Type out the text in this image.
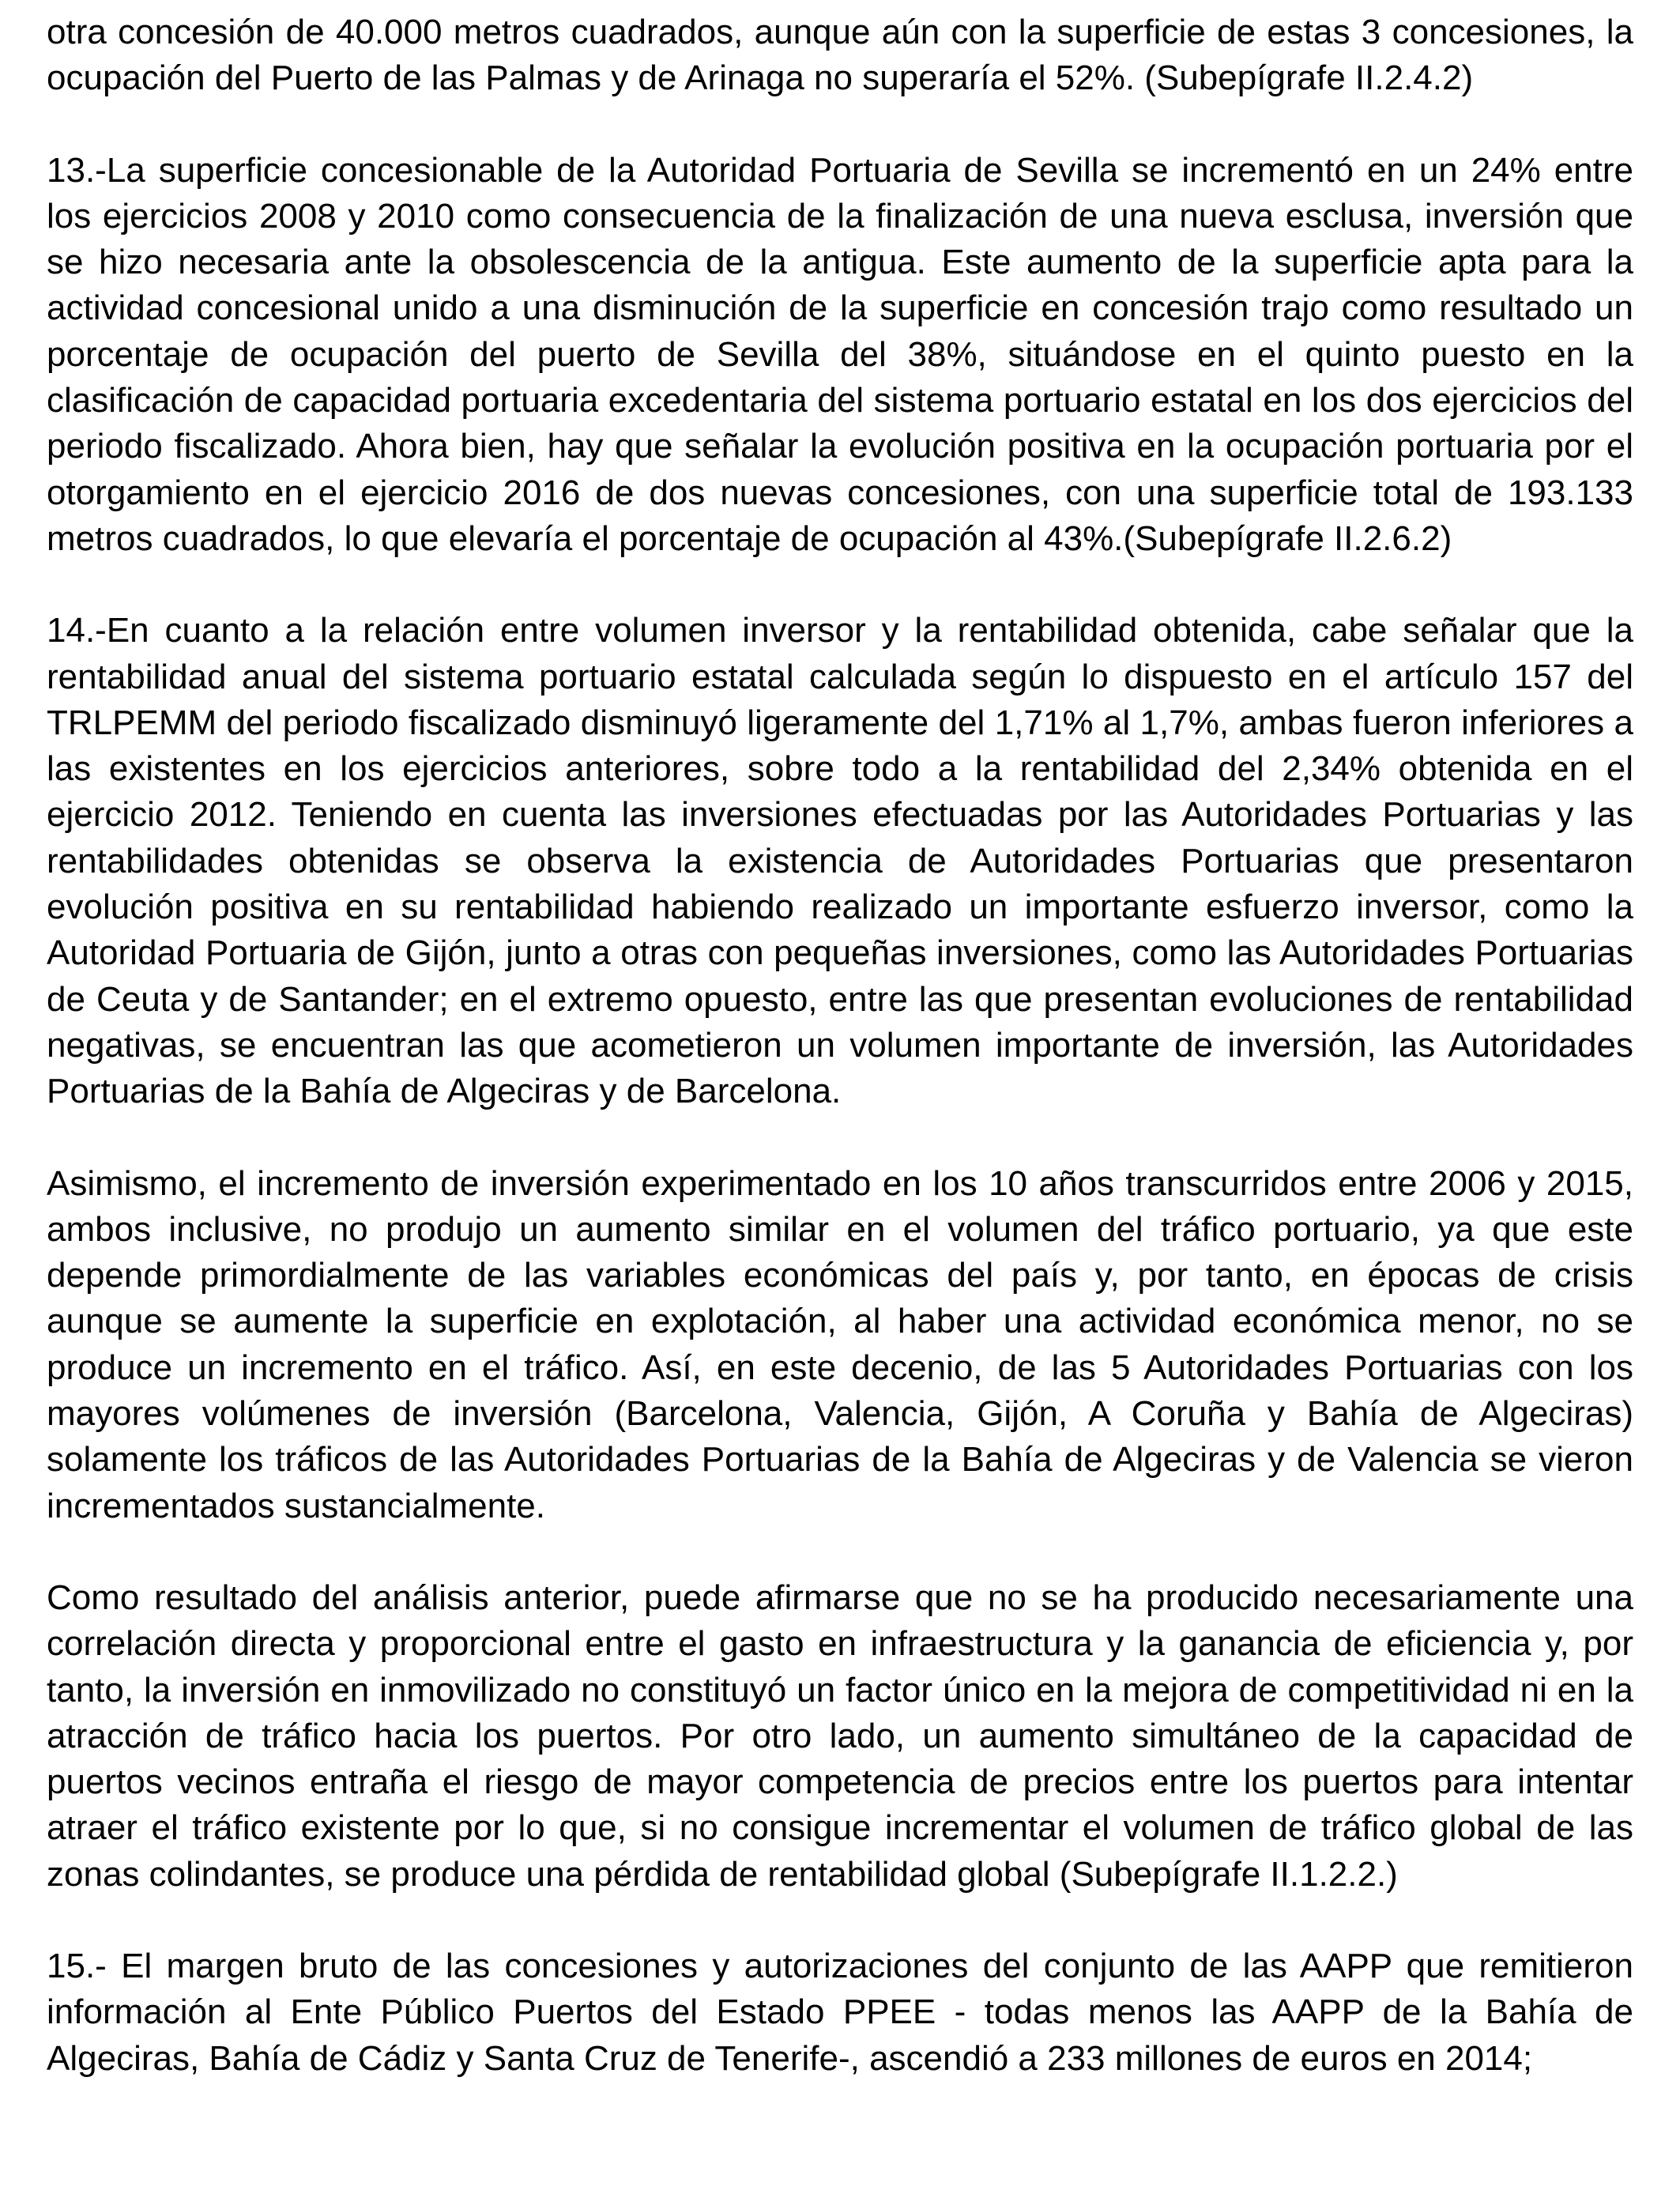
otra concesión de 40.000 metros cuadrados, aunque aún con la superficie de estas 3 concesiones, la ocupación del Puerto de las Palmas y de Arinaga no superaría el 52%. (Subepígrafe II.2.4.2)

13.-La superficie concesionable de la Autoridad Portuaria de Sevilla se incrementó en un 24% entre los ejercicios 2008 y 2010 como consecuencia de la finalización de una nueva esclusa, inversión que se hizo necesaria ante la obsolescencia de la antigua. Este aumento de la superficie apta para la actividad concesional unido a una disminución de la superficie en concesión trajo como resultado un porcentaje de ocupación del puerto de Sevilla del 38%, situándose en el quinto puesto en la clasificación de capacidad portuaria excedentaria del sistema portuario estatal en los dos ejercicios del periodo fiscalizado. Ahora bien, hay que señalar la evolución positiva en la ocupación portuaria por el otorgamiento en el ejercicio 2016 de dos nuevas concesiones, con una superficie total de 193.133 metros cuadrados, lo que elevaría el porcentaje de ocupación al 43%.(Subepígrafe II.2.6.2)

14.-En cuanto a la relación entre volumen inversor y la rentabilidad obtenida, cabe señalar que la rentabilidad anual del sistema portuario estatal calculada según lo dispuesto en el artículo 157 del TRLPEMM del periodo fiscalizado disminuyó ligeramente del 1,71% al 1,7%, ambas fueron inferiores a las existentes en los ejercicios anteriores, sobre todo a la rentabilidad del 2,34% obtenida en el ejercicio 2012. Teniendo en cuenta las inversiones efectuadas por las Autoridades Portuarias y las rentabilidades obtenidas se observa la existencia de Autoridades Portuarias que presentaron evolución positiva en su rentabilidad habiendo realizado un importante esfuerzo inversor, como la Autoridad Portuaria de Gijón, junto a otras con pequeñas inversiones, como las Autoridades Portuarias de Ceuta y de Santander; en el extremo opuesto, entre las que presentan evoluciones de rentabilidad negativas, se encuentran las que acometieron un volumen importante de inversión, las Autoridades Portuarias de la Bahía de Algeciras y de Barcelona.

Asimismo, el incremento de inversión experimentado en los 10 años transcurridos entre 2006 y 2015, ambos inclusive, no produjo un aumento similar en el volumen del tráfico portuario, ya que este depende primordialmente de las variables económicas del país y, por tanto, en épocas de crisis aunque se aumente la superficie en explotación, al haber una actividad económica menor, no se produce un incremento en el tráfico. Así, en este decenio, de las 5 Autoridades Portuarias con los mayores volúmenes de inversión (Barcelona, Valencia, Gijón, A Coruña y Bahía de Algeciras) solamente los tráficos de las Autoridades Portuarias de la Bahía de Algeciras y de Valencia se vieron incrementados sustancialmente.

Como resultado del análisis anterior, puede afirmarse que no se ha producido necesariamente una correlación directa y proporcional entre el gasto en infraestructura y la ganancia de eficiencia y, por tanto, la inversión en inmovilizado no constituyó un factor único en la mejora de competitividad ni en la atracción de tráfico hacia los puertos. Por otro lado, un aumento simultáneo de la capacidad de puertos vecinos entraña el riesgo de mayor competencia de precios entre los puertos para intentar atraer el tráfico existente por lo que, si no consigue incrementar el volumen de tráfico global de las zonas colindantes, se produce una pérdida de rentabilidad global (Subepígrafe II.1.2.2.)

15.- El margen bruto de las concesiones y autorizaciones del conjunto de las AAPP que remitieron información al Ente Público Puertos del Estado PPEE - todas menos las AAPP de la Bahía de Algeciras, Bahía de Cádiz y Santa Cruz de Tenerife-, ascendió a 233 millones de euros en 2014;
